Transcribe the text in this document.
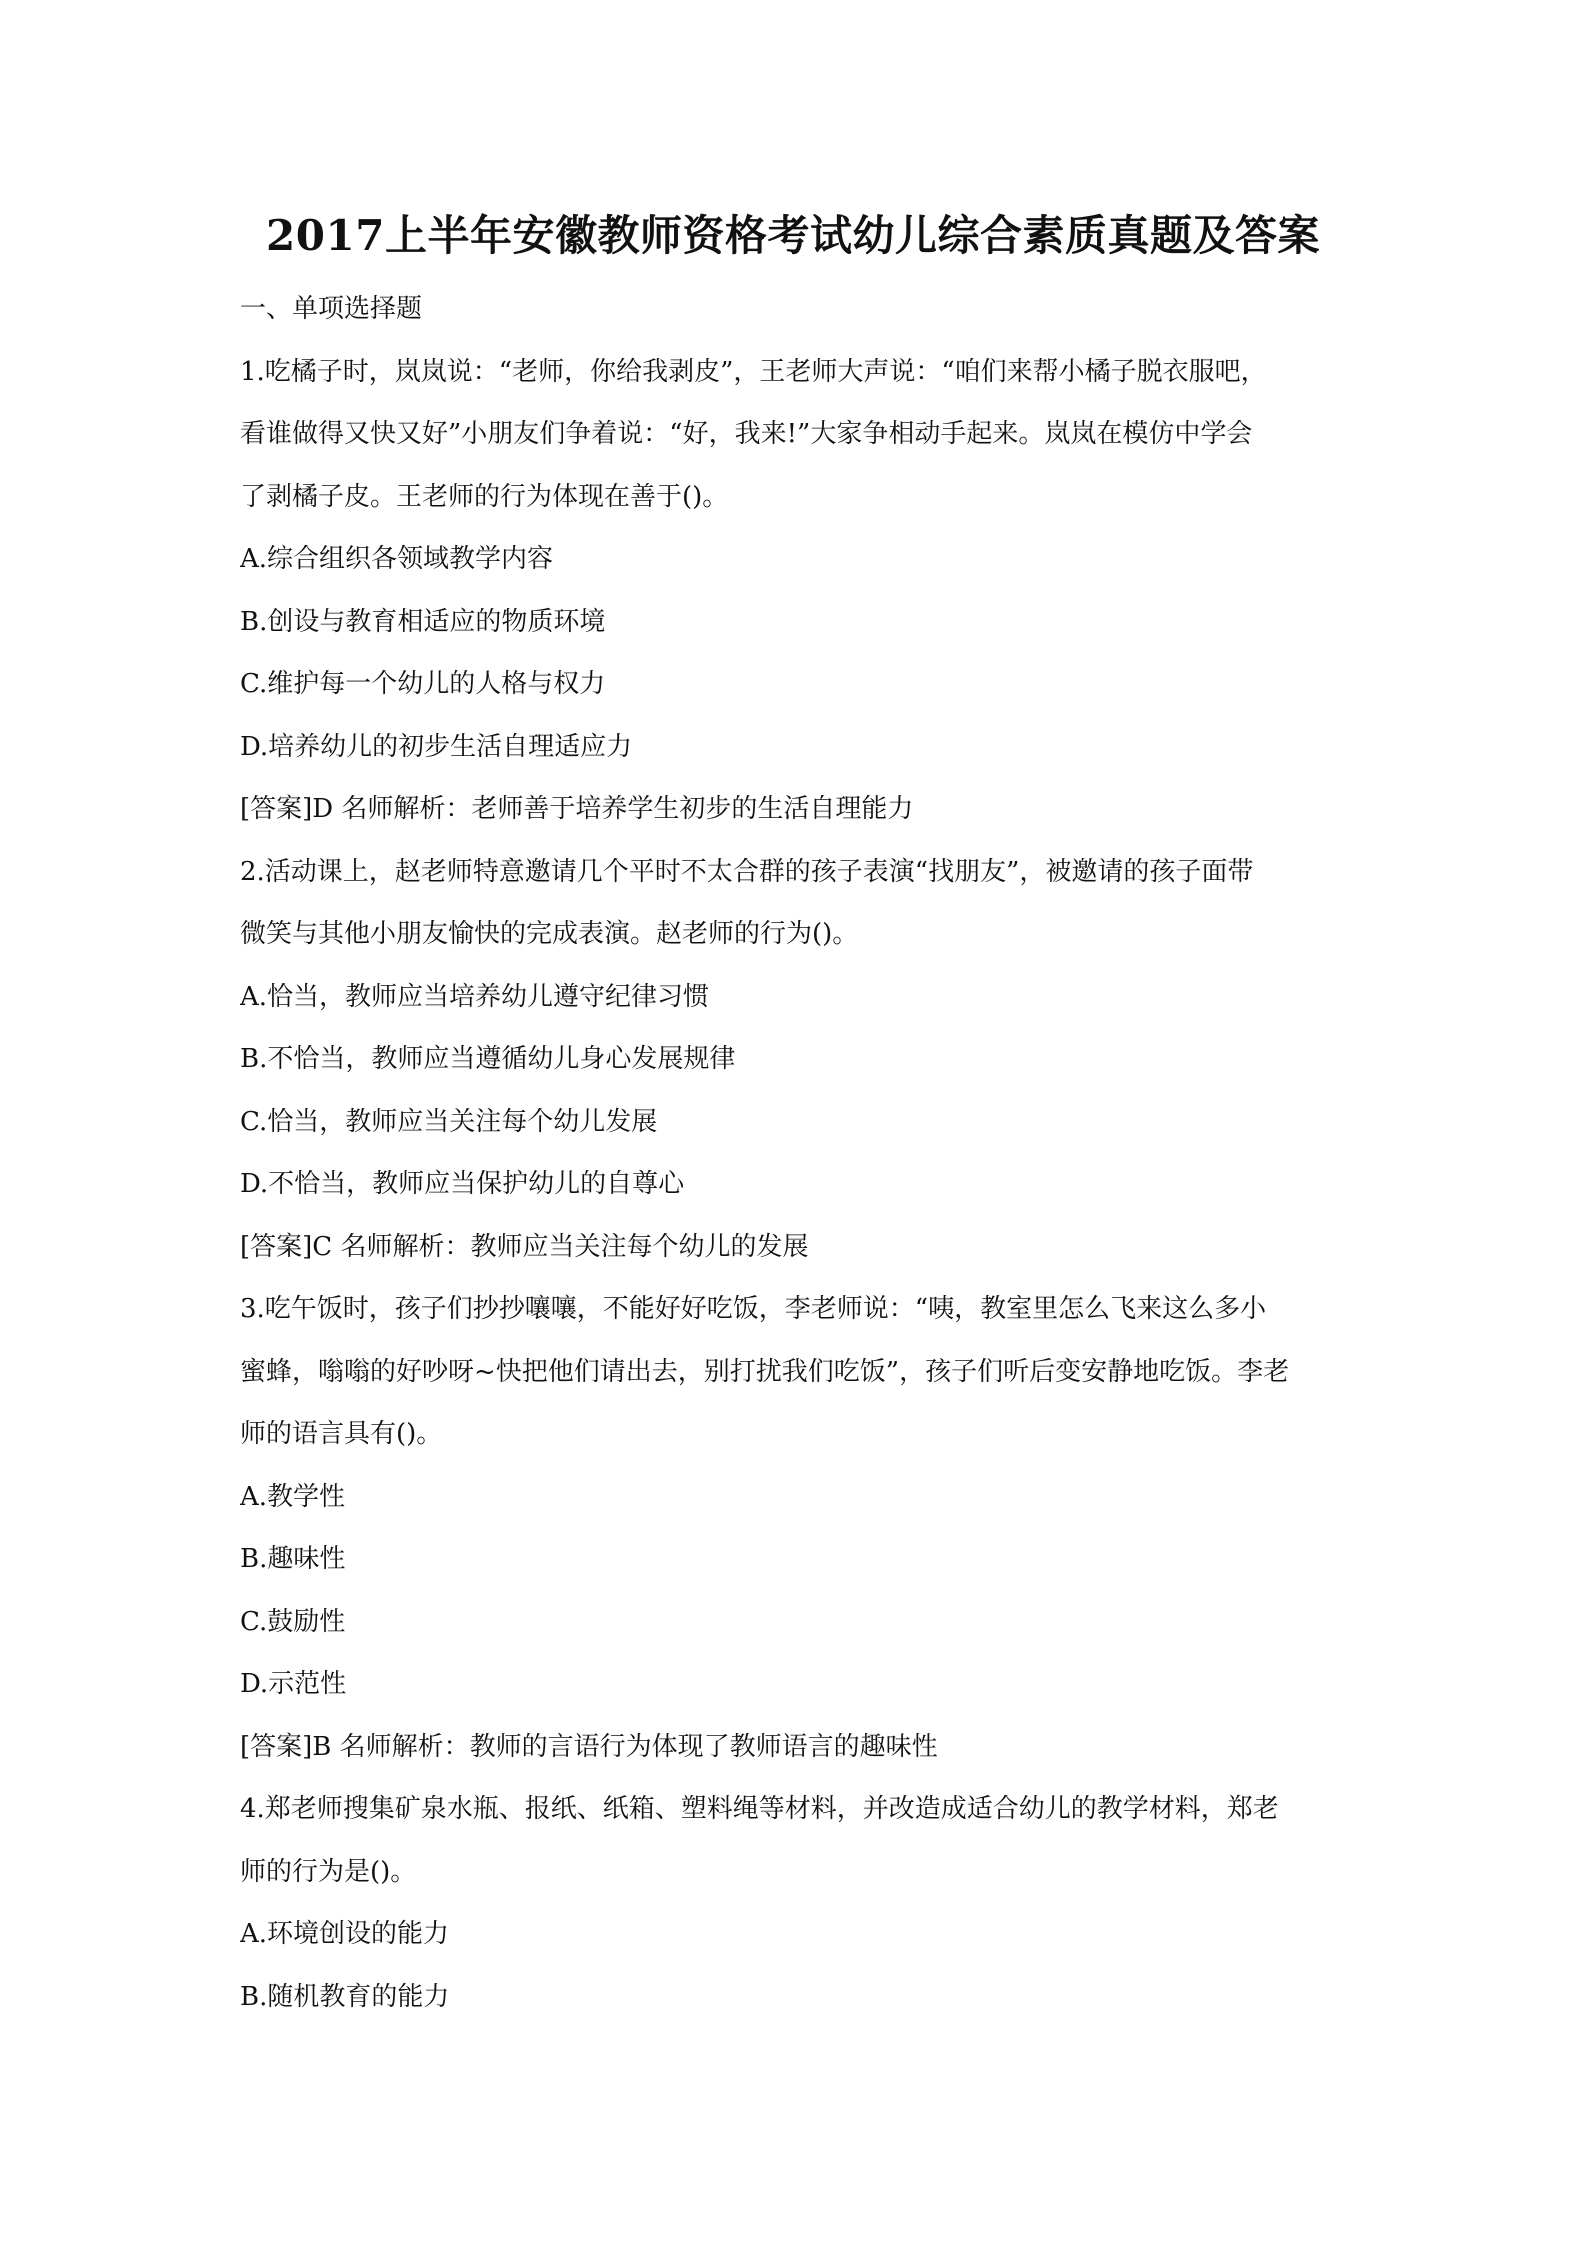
2017上半年安徽教师资格考试幼儿综合素质真题及答案
一、单项选择题
1.吃橘子时，岚岚说：“老师，你给我剥皮”，王老师大声说：“咱们来帮小橘子脱衣服吧，
看谁做得又快又好”小朋友们争着说：“好，我来!”大家争相动手起来。岚岚在模仿中学会
了剥橘子皮。王老师的行为体现在善于()。
A.综合组织各领域教学内容
B.创设与教育相适应的物质环境
C.维护每一个幼儿的人格与权力
D.培养幼儿的初步生活自理适应力
[答案]D 名师解析：老师善于培养学生初步的生活自理能力
2.活动课上，赵老师特意邀请几个平时不太合群的孩子表演“找朋友”，被邀请的孩子面带
微笑与其他小朋友愉快的完成表演。赵老师的行为()。
A.恰当，教师应当培养幼儿遵守纪律习惯
B.不恰当，教师应当遵循幼儿身心发展规律
C.恰当，教师应当关注每个幼儿发展
D.不恰当，教师应当保护幼儿的自尊心
[答案]C 名师解析：教师应当关注每个幼儿的发展
3.吃午饭时，孩子们抄抄嚷嚷，不能好好吃饭，李老师说：“咦，教室里怎么飞来这么多小
蜜蜂，嗡嗡的好吵呀~快把他们请出去，别打扰我们吃饭”，孩子们听后变安静地吃饭。李老
师的语言具有()。
A.教学性
B.趣味性
C.鼓励性
D.示范性
[答案]B 名师解析：教师的言语行为体现了教师语言的趣味性
4.郑老师搜集矿泉水瓶、报纸、纸箱、塑料绳等材料，并改造成适合幼儿的教学材料，郑老
师的行为是()。
A.环境创设的能力
B.随机教育的能力
